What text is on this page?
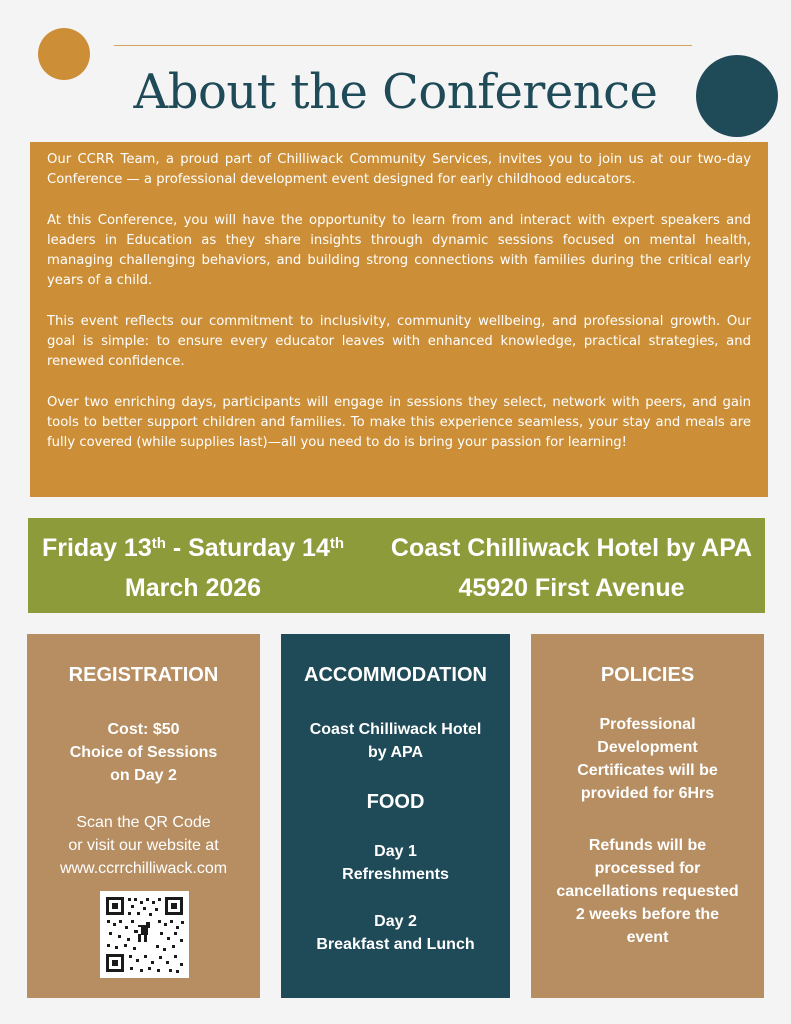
About the Conference

Our CCRR Team, a proud part of Chilliwack Community Services, invites you to join us at our two-day Conference — a professional development event designed for early childhood educators.

At this Conference, you will have the opportunity to learn from and interact with expert speakers and leaders in Education as they share insights through dynamic sessions focused on mental health, managing challenging behaviors, and building strong connections with families during the critical early years of a child.

This event reflects our commitment to inclusivity, community wellbeing, and professional growth. Our goal is simple: to ensure every educator leaves with enhanced knowledge, practical strategies, and renewed confidence.

Over two enriching days, participants will engage in sessions they select, network with peers, and gain tools to better support children and families. To make this experience seamless, your stay and meals are fully covered (while supplies last)—all you need to do is bring your passion for learning!

Friday 13th - Saturday 14th
March 2026
Coast Chilliwack Hotel by APA
45920 First Avenue
REGISTRATION
Cost: $50
Choice of Sessions
on Day 2
Scan the QR Code
or visit our website at
www.ccrrchilliwack.com
ACCOMMODATION
Coast Chilliwack Hotel
by APA
FOOD
Day 1
Refreshments
Day 2
Breakfast and Lunch
POLICIES
Professional
Development
Certificates will be
provided for 6Hrs
Refunds will be
processed for
cancellations requested
2 weeks before the
event
